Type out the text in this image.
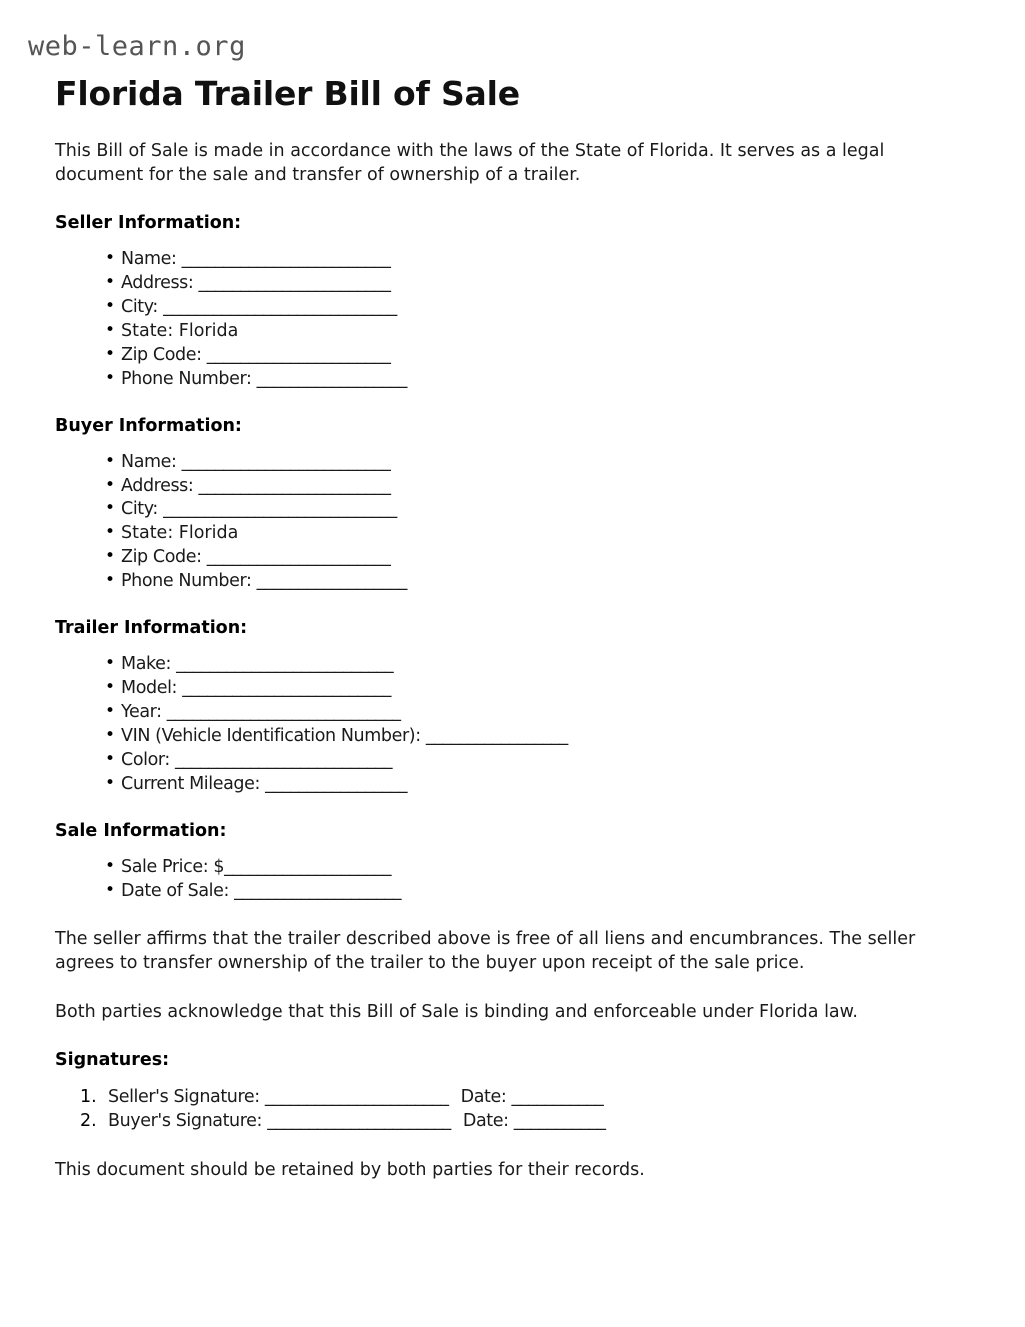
web-learn.org
Florida Trailer Bill of Sale

This Bill of Sale is made in accordance with the laws of the State of Florida. It serves as a legal document for the sale and transfer of ownership of a trailer.

Seller Information:
• Name: _________________________
• Address: _______________________
• City: ____________________________
• State: Florida
• Zip Code: ______________________
• Phone Number: __________________
Buyer Information:
• Name: _________________________
• Address: _______________________
• City: ____________________________
• State: Florida
• Zip Code: ______________________
• Phone Number: __________________
Trailer Information:
• Make: __________________________
• Model: _________________________
• Year: ____________________________
• VIN (Vehicle Identification Number): _________________
• Color: __________________________
• Current Mileage: _________________
Sale Information:
• Sale Price: $____________________
• Date of Sale: ____________________

The seller affirms that the trailer described above is free of all liens and encumbrances. The seller agrees to transfer ownership of the trailer to the buyer upon receipt of the sale price.

Both parties acknowledge that this Bill of Sale is binding and enforceable under Florida law.

Signatures:
Seller's Signature: ______________________ Date: ___________
Buyer's Signature: ______________________ Date: ___________

This document should be retained by both parties for their records.
